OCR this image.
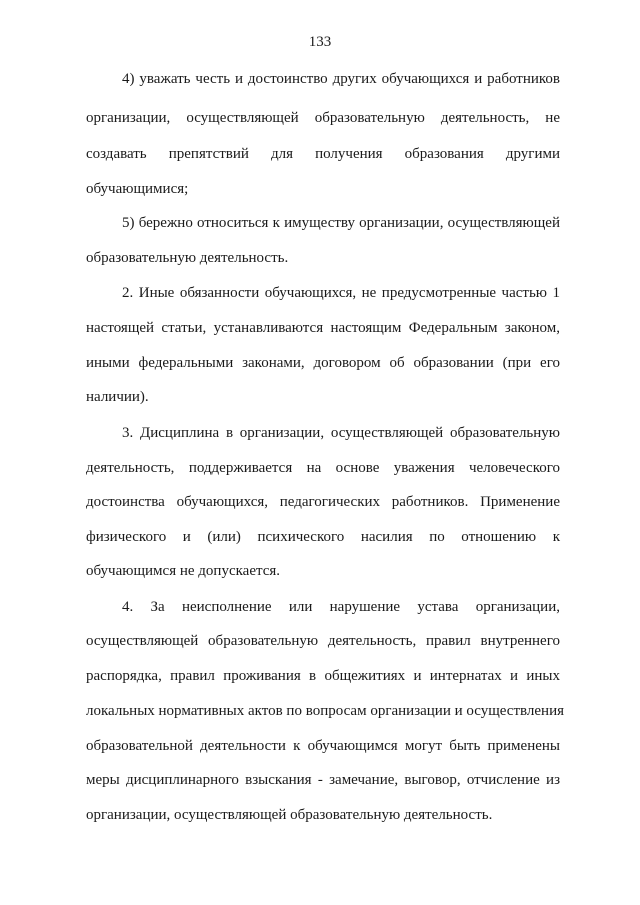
133
4) уважать честь и достоинство других обучающихся и работников
организации, осуществляющей образовательную деятельность, не
создавать препятствий для получения образования другими
обучающимися;
5) бережно относиться к имуществу организации, осуществляющей
образовательную деятельность.
2. Иные обязанности обучающихся, не предусмотренные частью 1
настоящей статьи, устанавливаются настоящим Федеральным законом,
иными федеральными законами, договором об образовании (при его
наличии).
3. Дисциплина в организации, осуществляющей образовательную
деятельность, поддерживается на основе уважения человеческого
достоинства обучающихся, педагогических работников. Применение
физического и (или) психического насилия по отношению к
обучающимся не допускается.
4. За неисполнение или нарушение устава организации,
осуществляющей образовательную деятельность, правил внутреннего
распорядка, правил проживания в общежитиях и интернатах и иных
локальных нормативных актов по вопросам организации и осуществления
образовательной деятельности к обучающимся могут быть применены
меры дисциплинарного взыскания - замечание, выговор, отчисление из
организации, осуществляющей образовательную деятельность.
